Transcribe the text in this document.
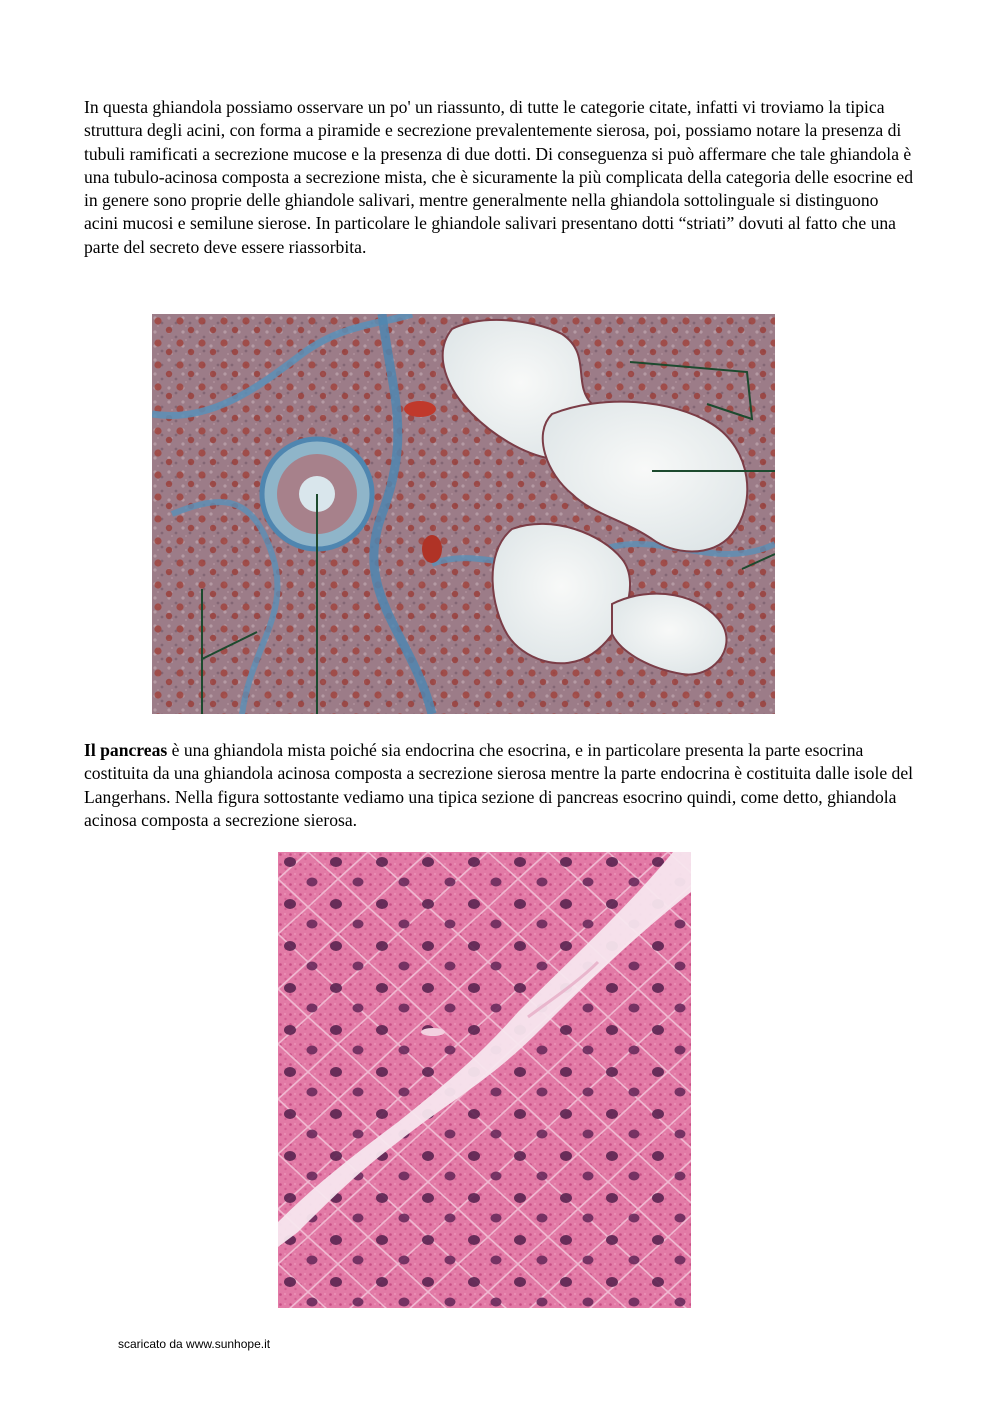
In questa ghiandola possiamo osservare un po' un riassunto, di tutte le categorie citate, infatti vi troviamo la tipica struttura degli acini, con forma a piramide e secrezione prevalentemente sierosa, poi, possiamo notare la presenza di tubuli ramificati a secrezione mucose e la presenza di due dotti. Di conseguenza si può affermare che tale ghiandola è una tubulo-acinosa composta a secrezione mista, che è sicuramente la più complicata della categoria delle esocrine ed in genere sono proprie delle ghiandole salivari, mentre generalmente nella ghiandola sottolinguale si distinguono acini mucosi e semilune sierose. In particolare le ghiandole salivari presentano dotti “striati” dovuti al fatto che una parte del secreto deve essere riassorbita.

Il pancreas è una ghiandola mista poiché sia endocrina che esocrina, e in particolare presenta la parte esocrina costituita da una ghiandola acinosa composta a secrezione sierosa mentre la parte endocrina è costituita dalle isole del Langerhans. Nella figura sottostante vediamo una tipica sezione di pancreas esocrino quindi, come detto, ghiandola acinosa composta a secrezione sierosa.

scaricato da www.sunhope.it
